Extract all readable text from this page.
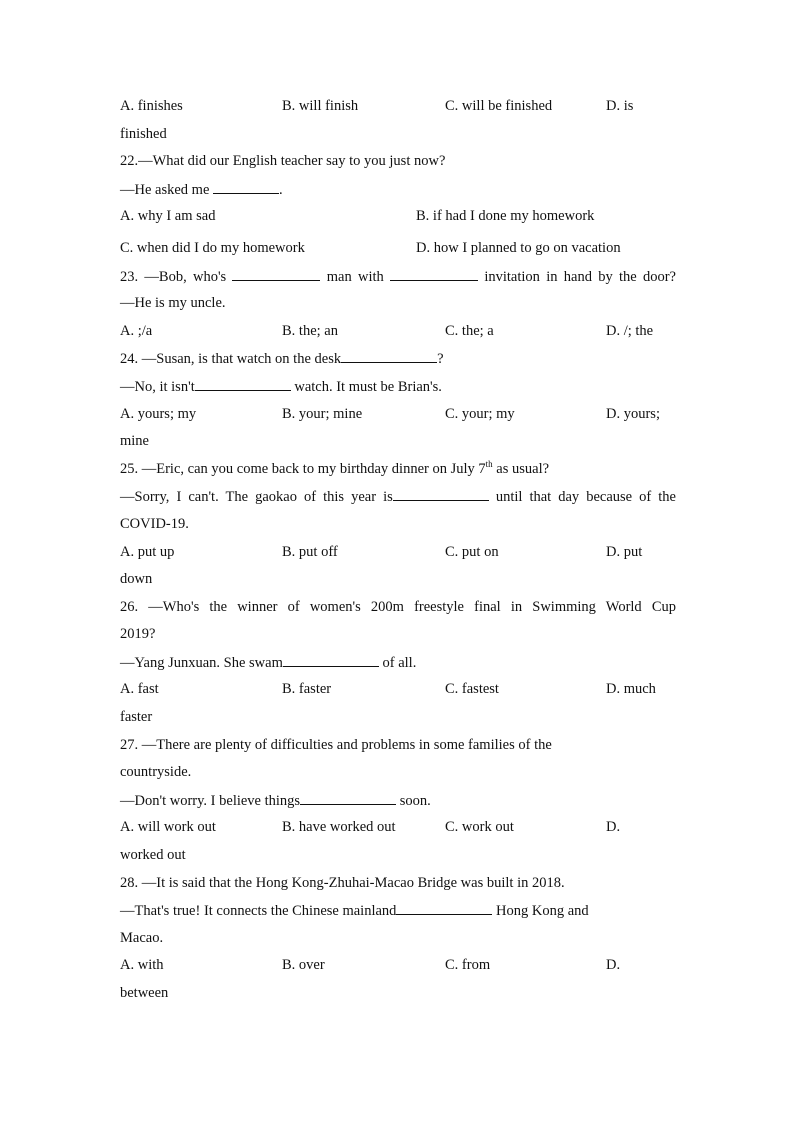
A. finishes	B. will finish	C. will be finished	D. is
finished
22.—What did our English teacher say to you just now?
—He asked me	.
A. why I am sad	B. if had I done my homework
C. when did I do my homework	D. how I planned to go on vacation
23. —Bob, who's	man with	invitation in hand by the door?
—He is my uncle.
A. ;/a	B. the; an	C. the; a	D. /; the
24. —Susan, is that watch on the desk	?
—No, it isn't	watch. It must be Brian's.
A. yours; my	B. your; mine	C. your; my	D. yours;
mine
25. —Eric, can you come back to my birthday dinner on July 7th as usual?
—Sorry, I can't. The gaokao of this year is	until that day because of the
COVID-19.
A. put up	B. put off	C. put on	D. put
down
26. —Who's the winner of women's 200m freestyle final in Swimming World Cup
2019?
—Yang Junxuan. She swam	of all.
A. fast	B. faster	C. fastest	D. much
faster
27. —There are plenty of difficulties and problems in some families of the
countryside.
—Don't worry. I believe things	soon.
A. will work out	B. have worked out	C. work out	D.
worked out
28. —It is said that the Hong Kong-Zhuhai-Macao Bridge was built in 2018.
—That's true! It connects the Chinese mainland	Hong Kong and
Macao.
A. with	B. over	C. from	D.
between
